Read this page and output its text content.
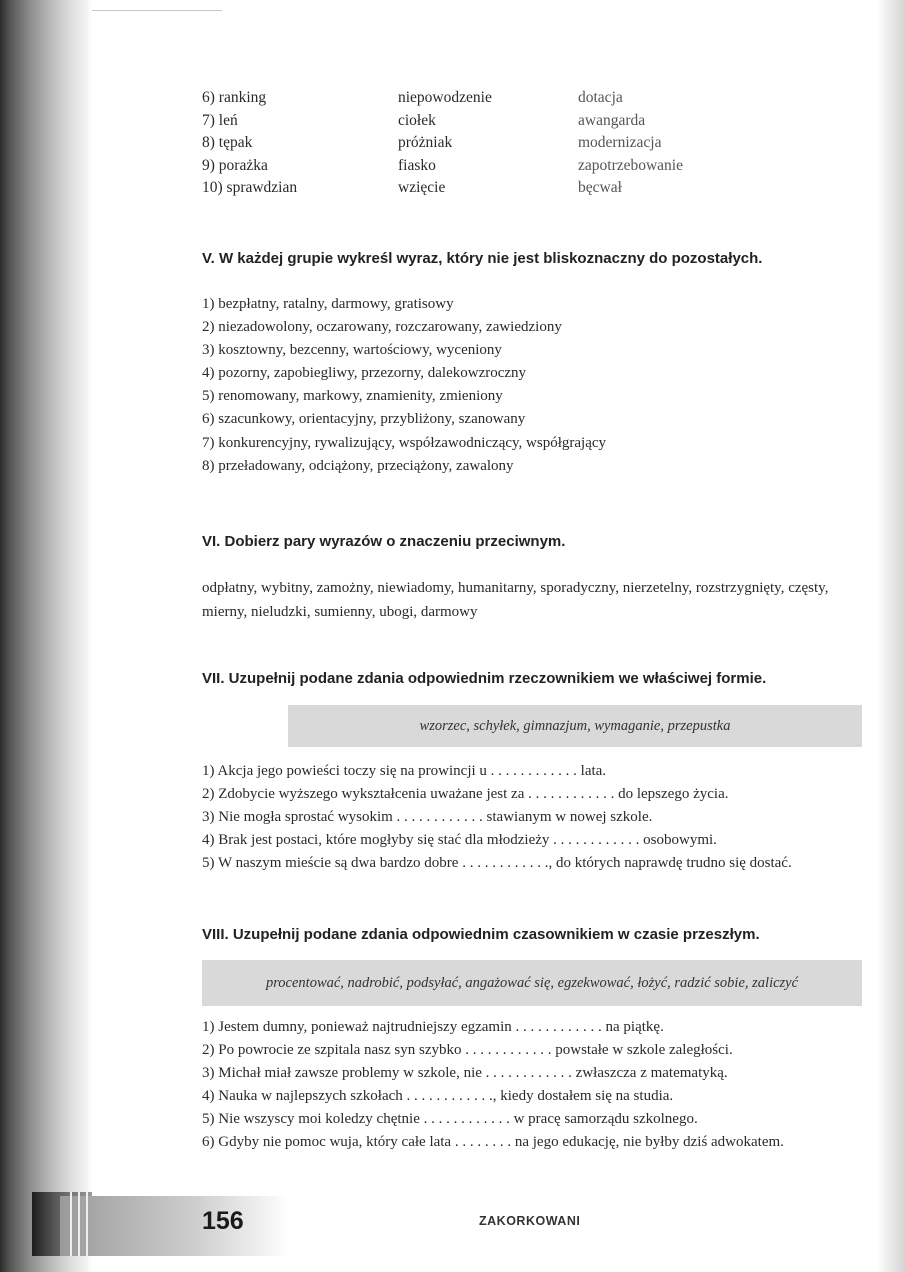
6) ranking	niepowodzenie	dotacja
7) leń	ciołek	awangarda
8) tępak	próżniak	modernizacja
9) porażka	fiasko	zapotrzebowanie
10) sprawdzian	wzięcie	bęcwał
V. W każdej grupie wykreśl wyraz, który nie jest bliskoznaczny do pozostałych.
1) bezpłatny, ratalny, darmowy, gratisowy
2) niezadowolony, oczarowany, rozczarowany, zawiedziony
3) kosztowny, bezcenny, wartościowy, wyceniony
4) pozorny, zapobiegliwy, przezorny, dalekowzroczny
5) renomowany, markowy, znamienity, zmieniony
6) szacunkowy, orientacyjny, przybliżony, szanowany
7) konkurencyjny, rywalizujący, współzawodniczący, współgrający
8) przeładowany, odciążony, przeciążony, zawalony
VI. Dobierz pary wyrazów o znaczeniu przeciwnym.
odpłatny, wybitny, zamożny, niewiadomy, humanitarny, sporadyczny, nierzetelny, rozstrzygnięty, częsty, mierny, nieludzki, sumienny, ubogi, darmowy
VII. Uzupełnij podane zdania odpowiednim rzeczownikiem we właściwej formie.
wzorzec, schyłek, gimnazjum, wymaganie, przepustka
1) Akcja jego powieści toczy się na prowincji u . . . . . . . . . . . . lata.
2) Zdobycie wyższego wykształcenia uważane jest za . . . . . . . . . . . . do lepszego życia.
3) Nie mogła sprostać wysokim . . . . . . . . . . . . stawianym w nowej szkole.
4) Brak jest postaci, które mogłyby się stać dla młodzieży . . . . . . . . . . . . osobowymi.
5) W naszym mieście są dwa bardzo dobre . . . . . . . . . . . ., do których naprawdę trudno się dostać.
VIII. Uzupełnij podane zdania odpowiednim czasownikiem w czasie przeszłym.
procentować, nadrobić, podsyłać, angażować się, egzekwować, łożyć, radzić sobie, zaliczyć
1) Jestem dumny, ponieważ najtrudniejszy egzamin . . . . . . . . . . . . na piątkę.
2) Po powrocie ze szpitala nasz syn szybko . . . . . . . . . . . . powstałe w szkole zaległości.
3) Michał miał zawsze problemy w szkole, nie . . . . . . . . . . . . zwłaszcza z matematyką.
4) Nauka w najlepszych szkołach . . . . . . . . . . . ., kiedy dostałem się na studia.
5) Nie wszyscy moi koledzy chętnie . . . . . . . . . . . . w pracę samorządu szkolnego.
6) Gdyby nie pomoc wuja, który całe lata . . . . . . . . na jego edukację, nie byłby dziś adwokatem.
156	ZAKORKOWANI
